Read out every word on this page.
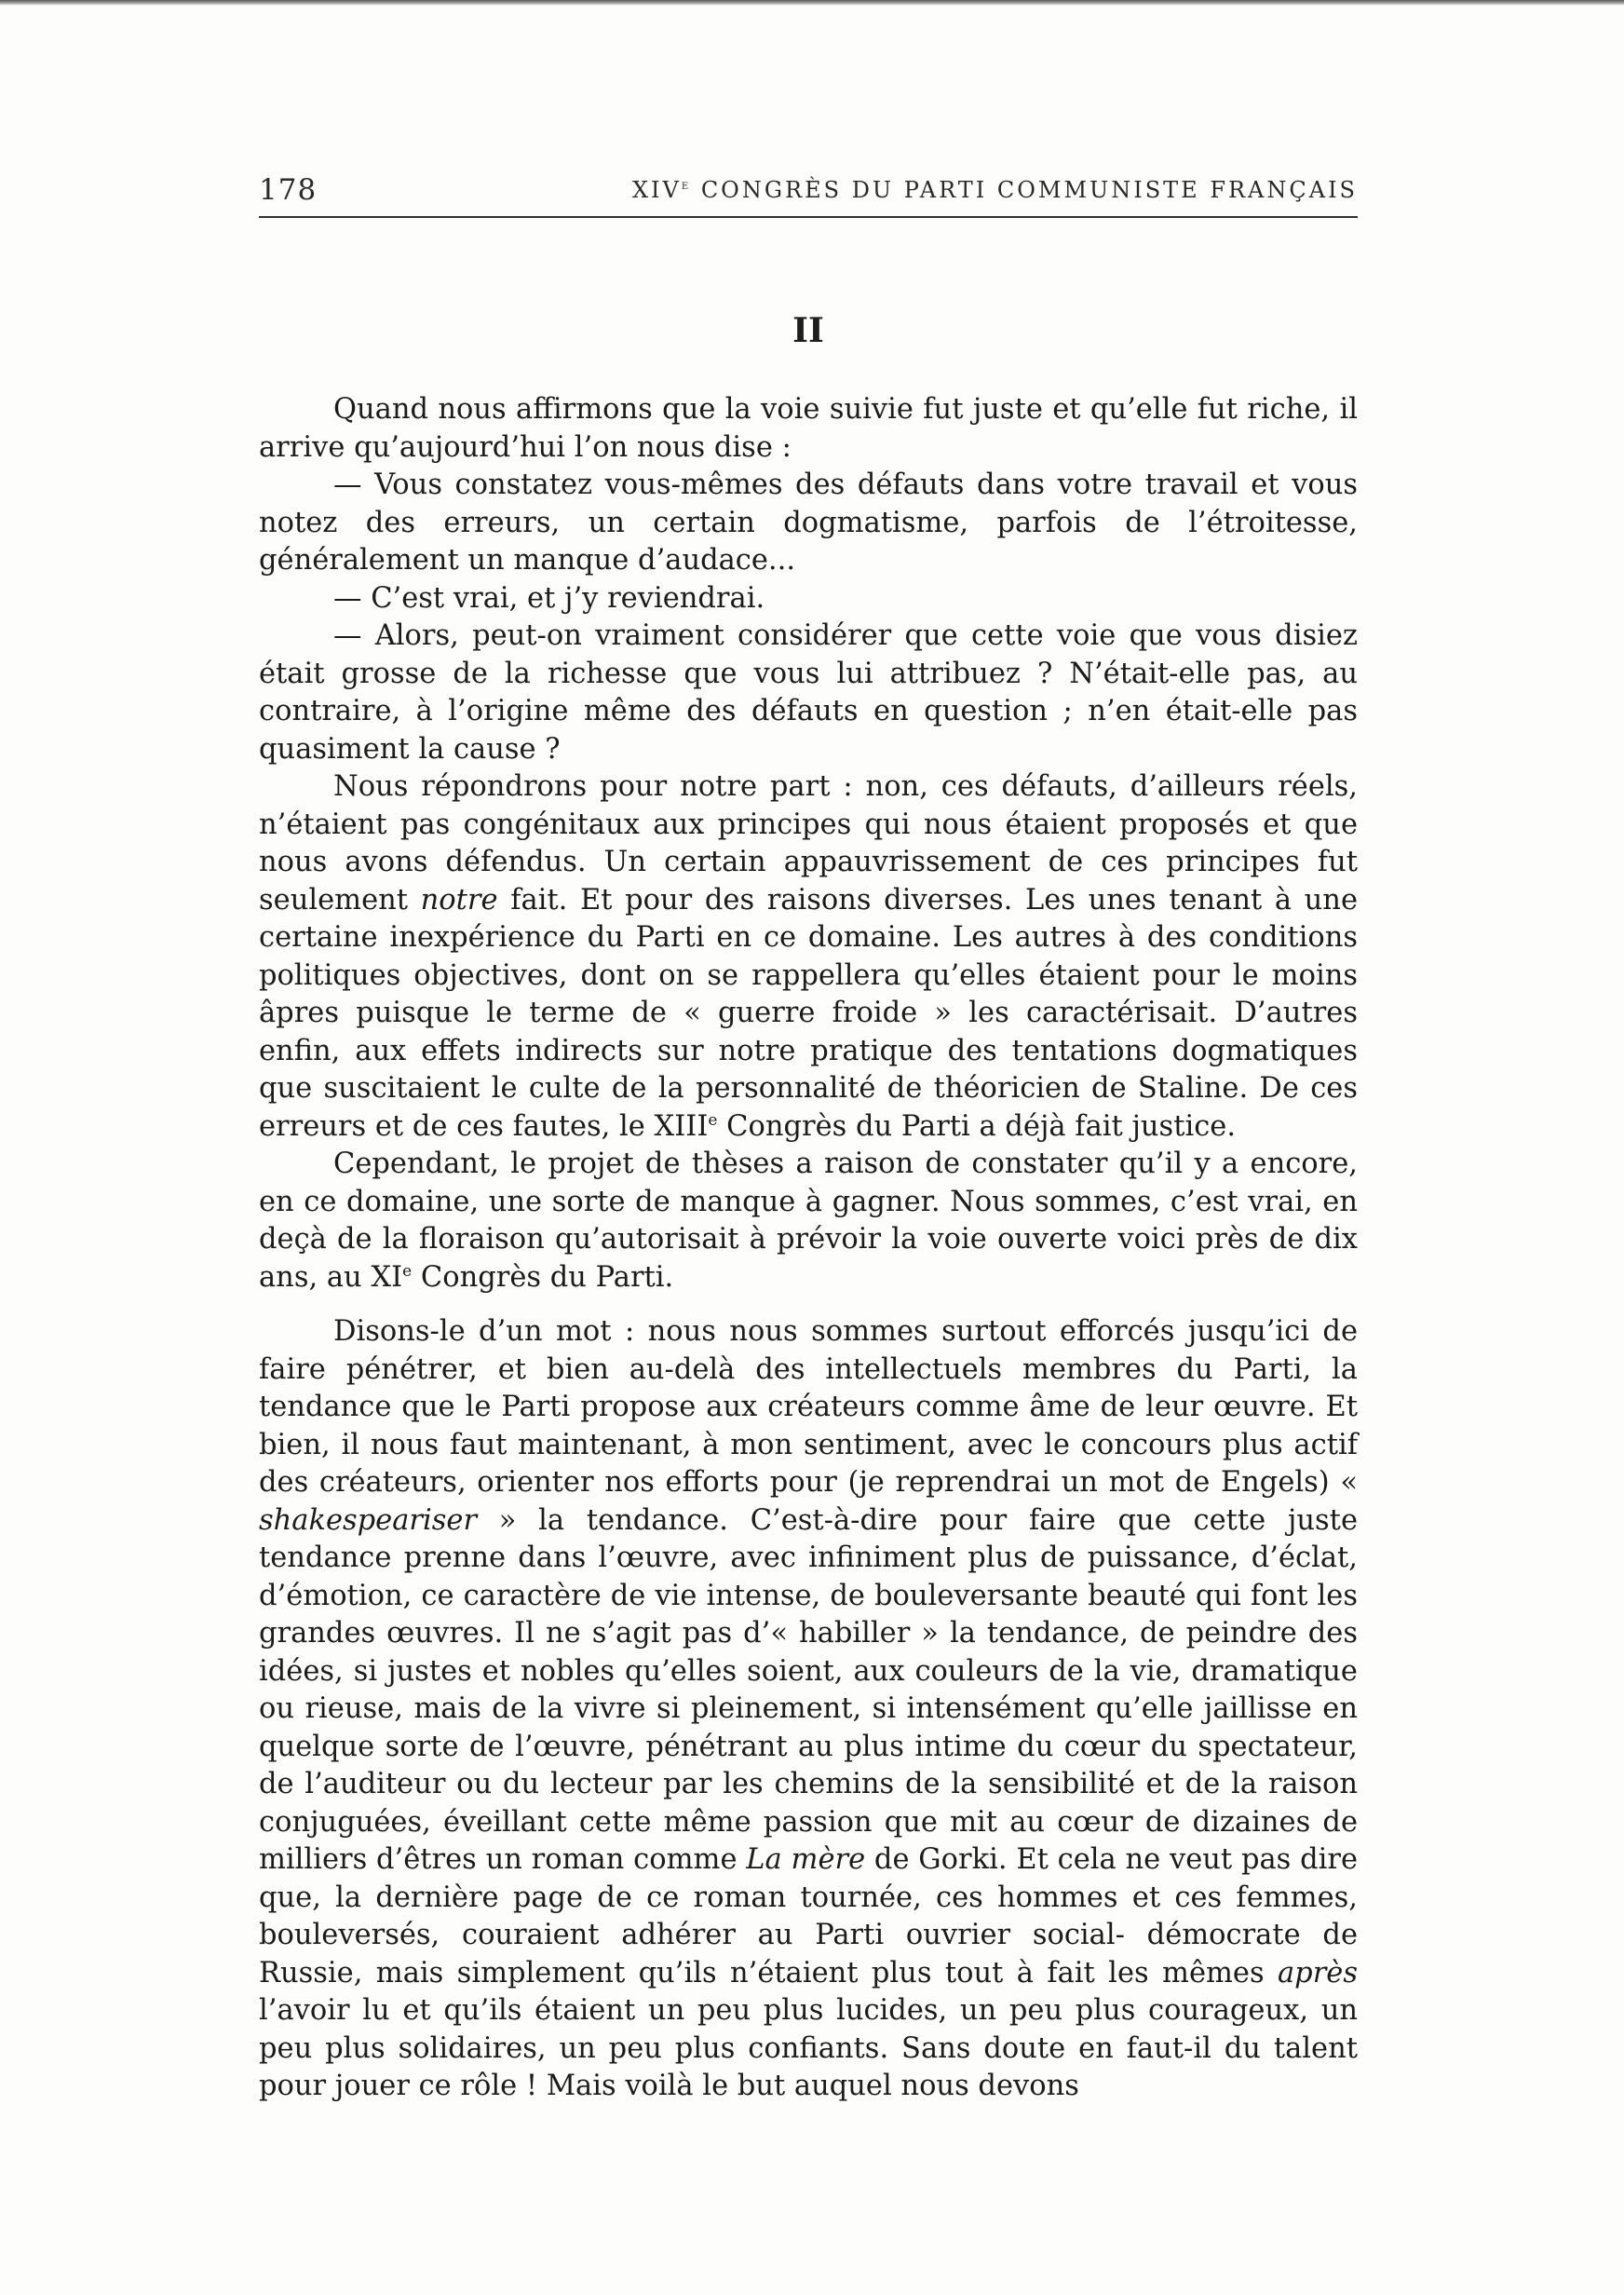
178	XIVe CONGRÈS DU PARTI COMMUNISTE FRANÇAIS
II

Quand nous affirmons que la voie suivie fut juste et qu’elle fut riche, il arrive qu’aujourd’hui l’on nous dise :

— Vous constatez vous-mêmes des défauts dans votre travail et vous notez des erreurs, un certain dogmatisme, parfois de l’étroitesse, généralement un manque d’audace...

— C’est vrai, et j’y reviendrai.

— Alors, peut-on vraiment considérer que cette voie que vous disiez était grosse de la richesse que vous lui attribuez ? N’était-elle pas, au contraire, à l’origine même des défauts en question ; n’en était-elle pas quasiment la cause ?

Nous répondrons pour notre part : non, ces défauts, d’ailleurs réels, n’étaient pas congénitaux aux principes qui nous étaient proposés et que nous avons défendus. Un certain appauvrissement de ces principes fut seulement notre fait. Et pour des raisons diverses. Les unes tenant à une certaine inexpérience du Parti en ce domaine. Les autres à des conditions politiques objectives, dont on se rappellera qu’elles étaient pour le moins âpres puisque le terme de « guerre froide » les caractérisait. D’autres enfin, aux effets indirects sur notre pratique des tentations dogmatiques que suscitaient le culte de la personnalité de théoricien de Staline. De ces erreurs et de ces fautes, le XIIIe Congrès du Parti a déjà fait justice.

Cependant, le projet de thèses a raison de constater qu’il y a encore, en ce domaine, une sorte de manque à gagner. Nous sommes, c’est vrai, en deçà de la floraison qu’autorisait à prévoir la voie ouverte voici près de dix ans, au XIe Congrès du Parti.

Disons-le d’un mot : nous nous sommes surtout efforcés jusqu’ici de faire pénétrer, et bien au-delà des intellectuels membres du Parti, la tendance que le Parti propose aux créateurs comme âme de leur œuvre. Et bien, il nous faut maintenant, à mon sentiment, avec le concours plus actif des créateurs, orienter nos efforts pour (je reprendrai un mot de Engels) « shakespeariser » la tendance. C’est-à-dire pour faire que cette juste tendance prenne dans l’œuvre, avec infiniment plus de puissance, d’éclat, d’émotion, ce caractère de vie intense, de bouleversante beauté qui font les grandes œuvres. Il ne s’agit pas d’« habiller » la tendance, de peindre des idées, si justes et nobles qu’elles soient, aux couleurs de la vie, dramatique ou rieuse, mais de la vivre si pleinement, si intensément qu’elle jaillisse en quelque sorte de l’œuvre, pénétrant au plus intime du cœur du spectateur, de l’auditeur ou du lecteur par les chemins de la sensibilité et de la raison conjuguées, éveillant cette même passion que mit au cœur de dizaines de milliers d’êtres un roman comme La mère de Gorki. Et cela ne veut pas dire que, la dernière page de ce roman tournée, ces hommes et ces femmes, bouleversés, couraient adhérer au Parti ouvrier social- démocrate de Russie, mais simplement qu’ils n’étaient plus tout à fait les mêmes après l’avoir lu et qu’ils étaient un peu plus lucides, un peu plus courageux, un peu plus solidaires, un peu plus confiants. Sans doute en faut-il du talent pour jouer ce rôle ! Mais voilà le but auquel nous devons
